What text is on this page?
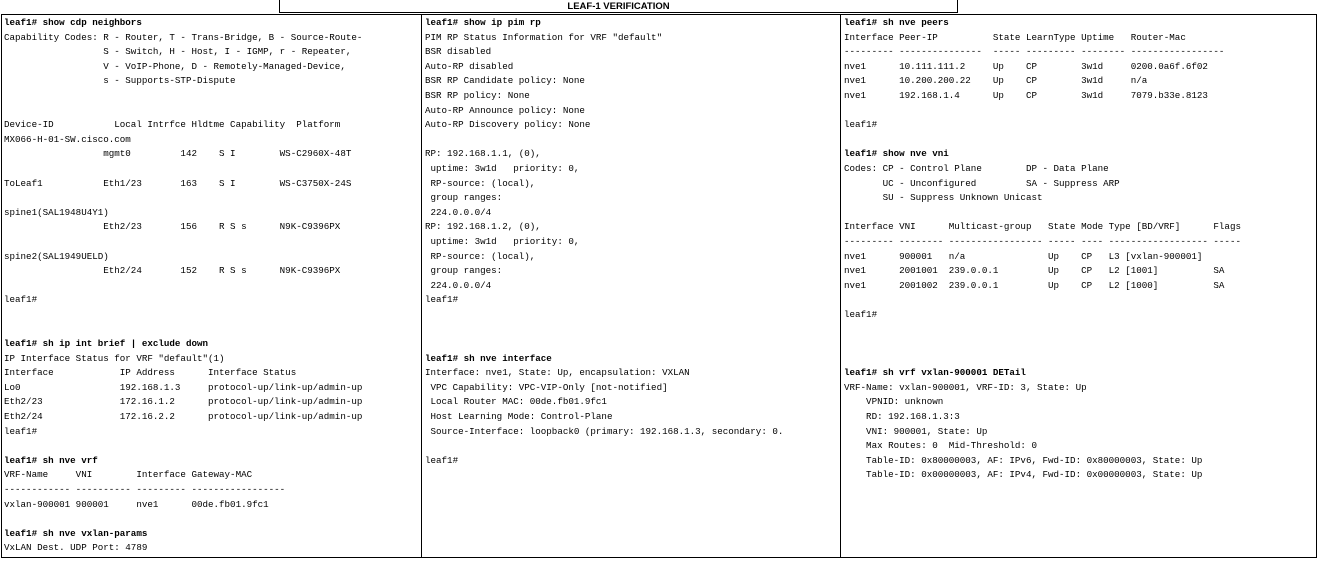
LEAF-1 VERIFICATION
leaf1# show cdp neighbors
Capability Codes: R - Router, T - Trans-Bridge, B - Source-Route-
S - Switch, H - Host, I - IGMP, r - Repeater,
V - VoIP-Phone, D - Remotely-Managed-Device,
s - Supports-STP-Dispute
Device-ID           Local Intrfce Hldtme Capability  Platform
MX066-H-01-SW.cisco.com
mgmt0         142    S I        WS-C2960X-48T
ToLeaf1           Eth1/23       163    S I        WS-C3750X-24S
spine1(SAL1948U4Y1)
Eth2/23       156    R S s      N9K-C9396PX
spine2(SAL1949UELD)
Eth2/24       152    R S s      N9K-C9396PX
leaf1#
leaf1# sh ip int brief | exclude down
IP Interface Status for VRF "default"(1)
Interface            IP Address      Interface Status
Lo0                  192.168.1.3     protocol-up/link-up/admin-up
Eth2/23              172.16.1.2      protocol-up/link-up/admin-up
Eth2/24              172.16.2.2      protocol-up/link-up/admin-up
leaf1#
leaf1# sh nve vrf
VRF-Name     VNI        Interface Gateway-MAC
------------ ---------- --------- -----------------
vxlan-900001 900001     nve1      00de.fb01.9fc1
leaf1# sh nve vxlan-params
VxLAN Dest. UDP Port: 4789
leaf1# show ip pim rp
PIM RP Status Information for VRF "default"
BSR disabled
Auto-RP disabled
BSR RP Candidate policy: None
BSR RP policy: None
Auto-RP Announce policy: None
Auto-RP Discovery policy: None
RP: 192.168.1.1, (0),
uptime: 3w1d   priority: 0,
RP-source: (local),
group ranges:
224.0.0.0/4
RP: 192.168.1.2, (0),
uptime: 3w1d   priority: 0,
RP-source: (local),
group ranges:
224.0.0.0/4
leaf1#
leaf1# sh nve interface
Interface: nve1, State: Up, encapsulation: VXLAN
VPC Capability: VPC-VIP-Only [not-notified]
Local Router MAC: 00de.fb01.9fc1
Host Learning Mode: Control-Plane
Source-Interface: loopback0 (primary: 192.168.1.3, secondary: 0.
leaf1#
leaf1# sh nve peers
Interface Peer-IP          State LearnType Uptime   Router-Mac
--------- ---------------  ----- --------- -------- -----------------
nve1      10.111.111.2     Up    CP        3w1d     0200.0a6f.6f02
nve1      10.200.200.22    Up    CP        3w1d     n/a
nve1      192.168.1.4      Up    CP        3w1d     7079.b33e.8123
leaf1#
leaf1# show nve vni
Codes: CP - Control Plane        DP - Data Plane
UC - Unconfigured         SA - Suppress ARP
SU - Suppress Unknown Unicast
Interface VNI      Multicast-group   State Mode Type [BD/VRF]      Flags
--------- -------- ----------------- ----- ---- ------------------ -----
nve1      900001   n/a               Up    CP   L3 [vxlan-900001]
nve1      2001001  239.0.0.1         Up    CP   L2 [1001]          SA
nve1      2001002  239.0.0.1         Up    CP   L2 [1000]          SA
leaf1#
leaf1# sh vrf vxlan-900001 DETail
VRF-Name: vxlan-900001, VRF-ID: 3, State: Up
VPNID: unknown
RD: 192.168.1.3:3
VNI: 900001, State: Up
Max Routes: 0  Mid-Threshold: 0
Table-ID: 0x80000003, AF: IPv6, Fwd-ID: 0x80000003, State: Up
Table-ID: 0x00000003, AF: IPv4, Fwd-ID: 0x00000003, State: Up
